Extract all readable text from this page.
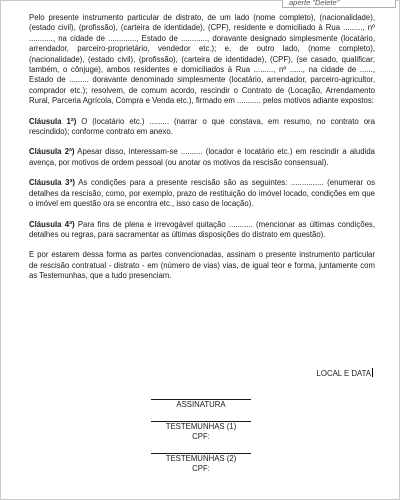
aperte "Delete"

Pelo presente instrumento particular de distrato, de um lado (nome completo), (nacionalidade), (estado civil), (profissão), (carteira de identidade), (CPF), residente e domiciliado à Rua ........., nº ..........., na cidade de ............., Estado de ............, doravante designado simplesmente (locatário, arrendador, parceiro-proprietário, vendedor etc.); e, de outro lado, (nome completo), (nacionalidade), (estado civil), (profissão), (carteira de identidade), (CPF), (se casado, qualificar; também, o cônjuge), ambos residentes e domiciliados à Rua ........., nº ......, na cidade de ......, Estado de ......... doravante denominado simplesmente (locatário, arrendador, parceiro-agricultor, comprador etc.); resolvem, de comum acordo, rescindir o Contrato de (Locação, Arrendamento Rural, Parceria Agrícola, Compra e Venda etc.), firmado em ........... pelos motivos adiante expostos:

Cláusula 1ª) O (locatário etc.) ......... (narrar o que constava, em resumo, no contrato ora rescindido); conforme contrato em anexo.

Cláusula 2ª) Apesar disso, interessam-se .......... (locador e locatário etc.) em rescindir a aludida avença, por motivos de ordem pessoal (ou anotar os motivos da rescisão consensual).

Cláusula 3ª) As condições para a presente rescisão são as seguintes: ............... (enumerar os detalhes da rescisão, como, por exemplo, prazo de restituição do imóvel locado, condições em que o imóvel em questão ora se encontra etc., isso caso de locação).

Cláusula 4ª) Para fins de plena e irrevogável quitação ........... (mencionar as últimas condições, detalhes ou regras, para sacramentar as últimas disposições do distrato em questão).

E por estarem dessa forma as partes convencionadas, assinam o presente instrumento particular de rescisão contratual - distrato - em (número de vias) vias, de igual teor e forma, juntamente com as Testemunhas, que a tudo presenciam.

LOCAL E DATA
ASSINATURA
TESTEMUNHAS (1)
CPF:
TESTEMUNHAS (2)
CPF:
